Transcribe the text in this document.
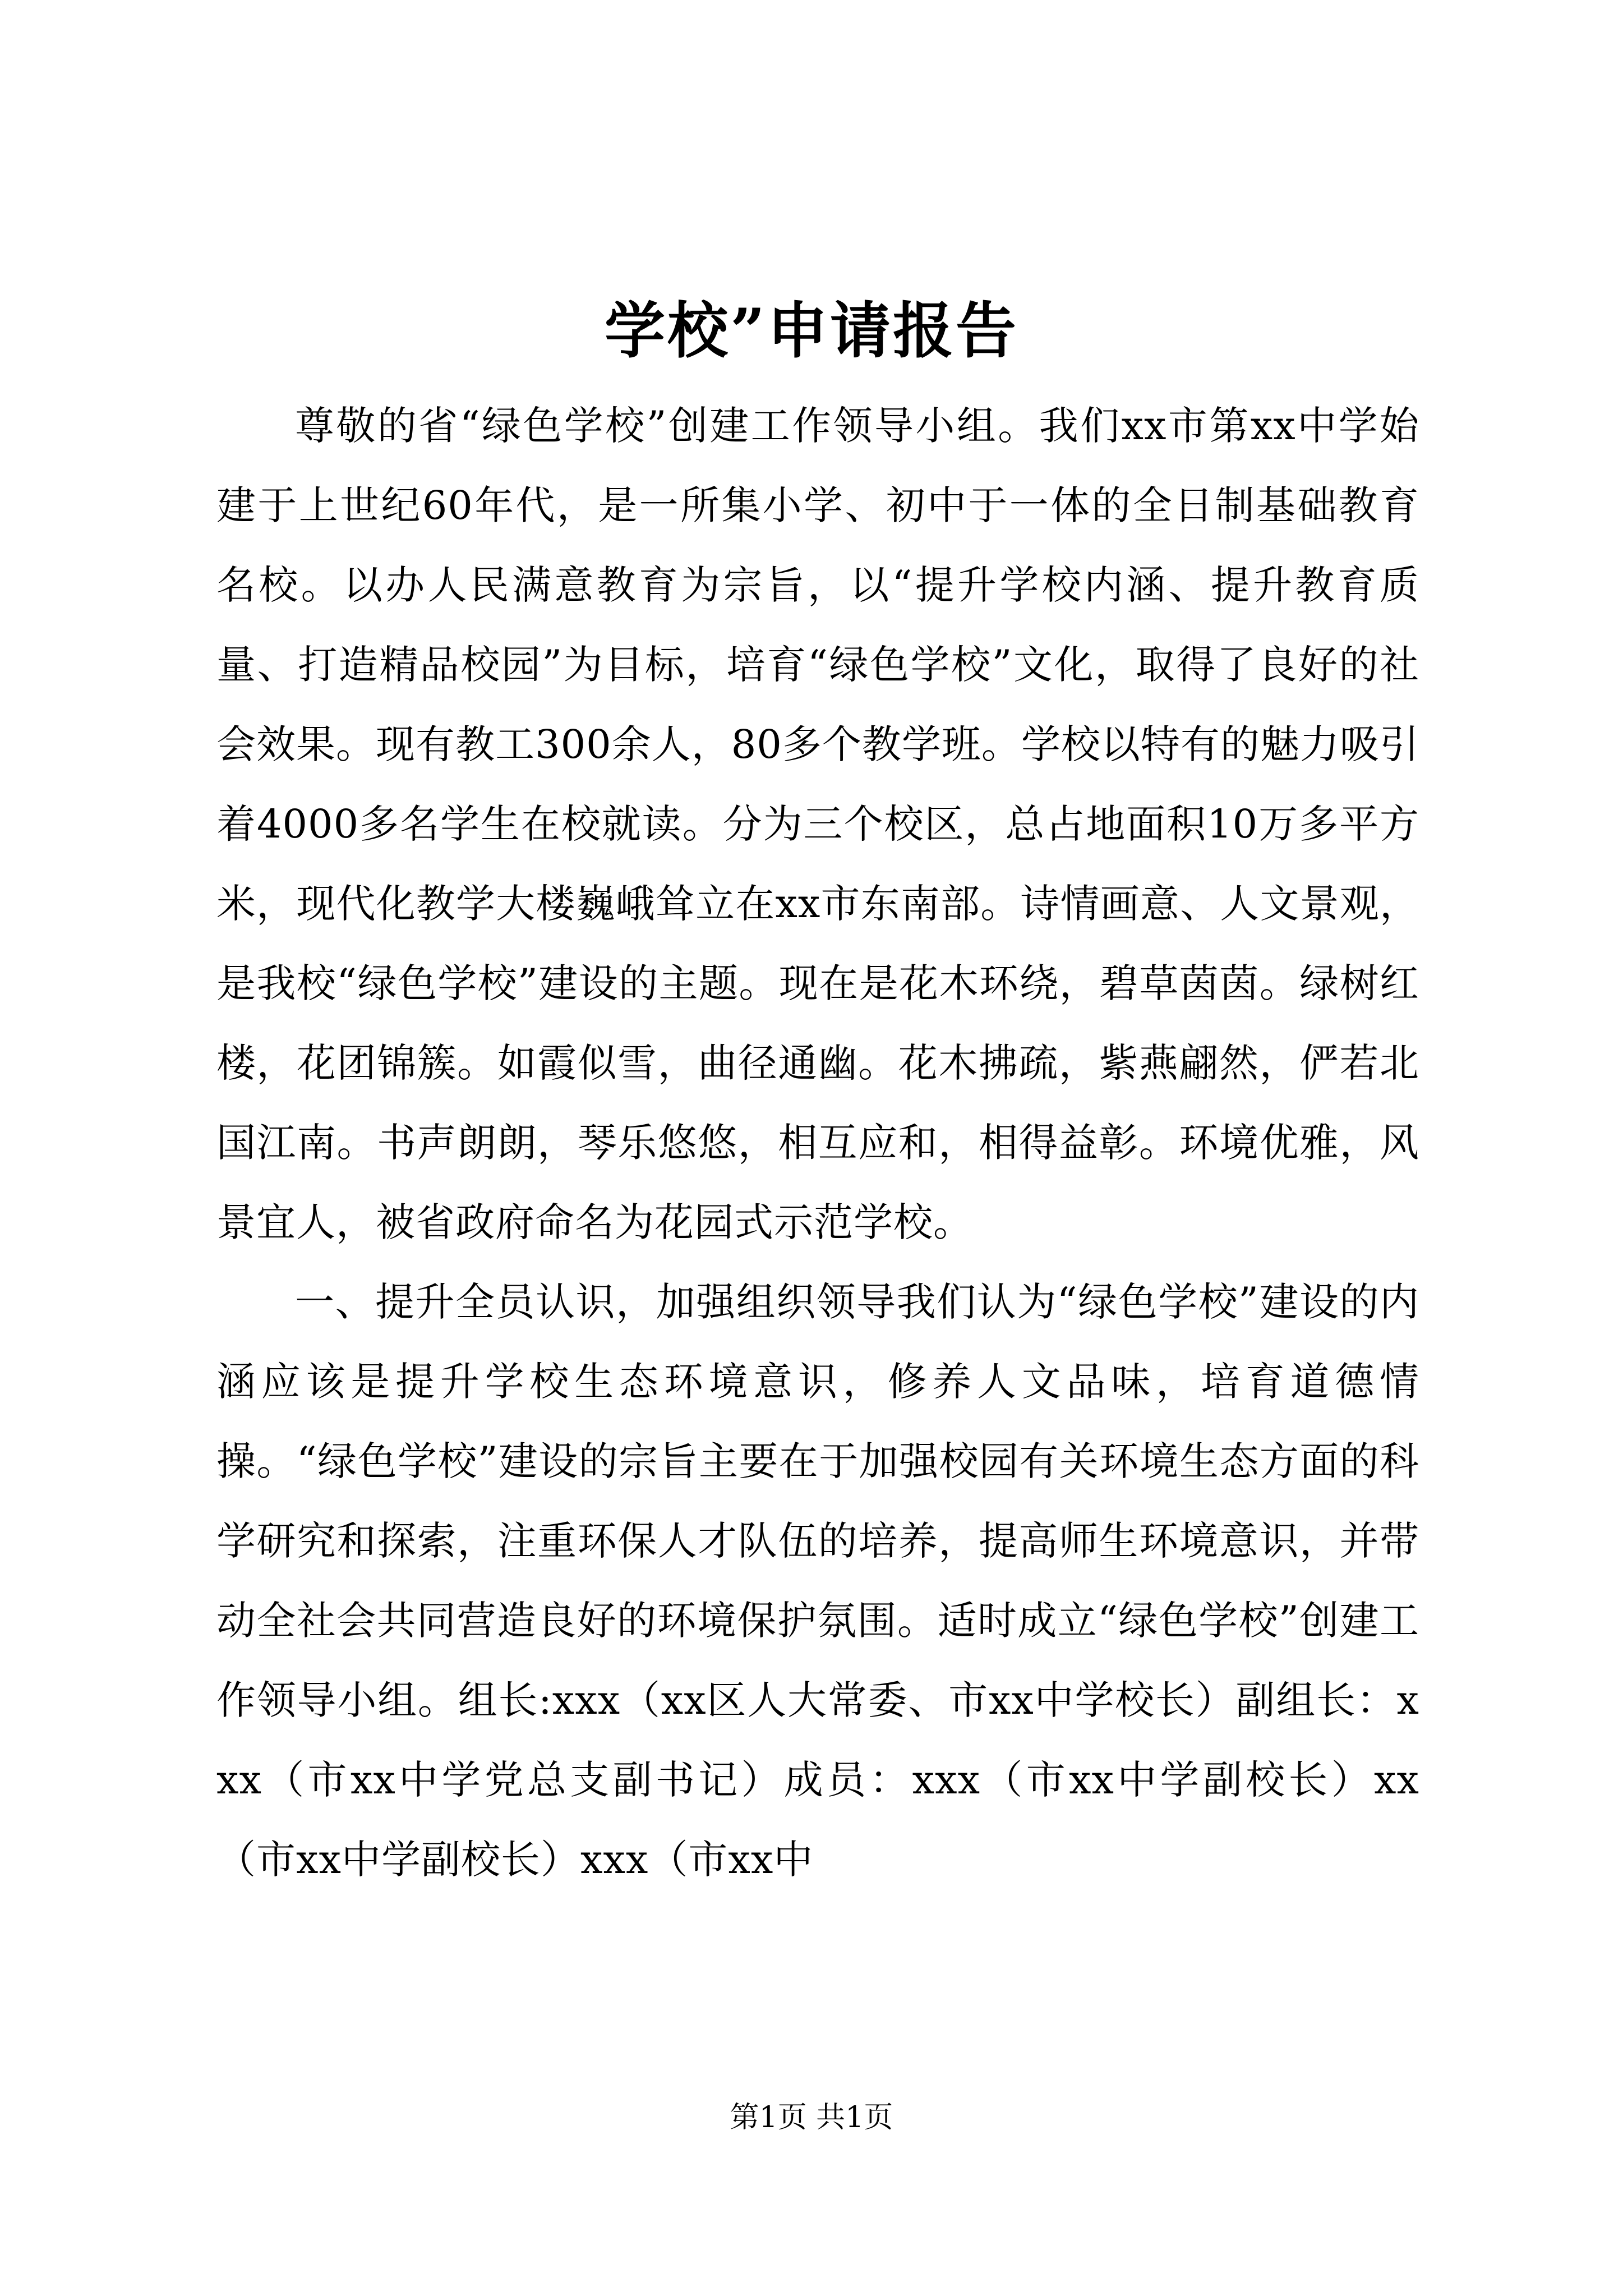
学校”申请报告

尊敬的省“绿色学校”创建工作领导小组。我们xx市第xx中学始建于上世纪60年代，是一所集小学、初中于一体的全日制基础教育名校。以办人民满意教育为宗旨，以“提升学校内涵、提升教育质量、打造精品校园”为目标，培育“绿色学校”文化，取得了良好的社会效果。现有教工300余人，80多个教学班。学校以特有的魅力吸引着4000多名学生在校就读。分为三个校区，总占地面积10万多平方米，现代化教学大楼巍峨耸立在xx市东南部。诗情画意、人文景观，是我校“绿色学校”建设的主题。现在是花木环绕，碧草茵茵。绿树红楼，花团锦簇。如霞似雪，曲径通幽。花木拂疏，紫燕翩然，俨若北国江南。书声朗朗，琴乐悠悠，相互应和，相得益彰。环境优雅，风景宜人，被省政府命名为花园式示范学校。

一、提升全员认识，加强组织领导我们认为“绿色学校”建设的内涵应该是提升学校生态环境意识，修养人文品味，培育道德情操。“绿色学校”建设的宗旨主要在于加强校园有关环境生态方面的科学研究和探索，注重环保人才队伍的培养，提高师生环境意识，并带动全社会共同营造良好的环境保护氛围。适时成立“绿色学校”创建工作领导小组。组长:xxx（xx区人大常委、市xx中学校长）副组长：xxx（市xx中学党总支副书记）成员：xxx（市xx中学副校长）xx（市xx中学副校长）xxx（市xx中

第1页 共1页
